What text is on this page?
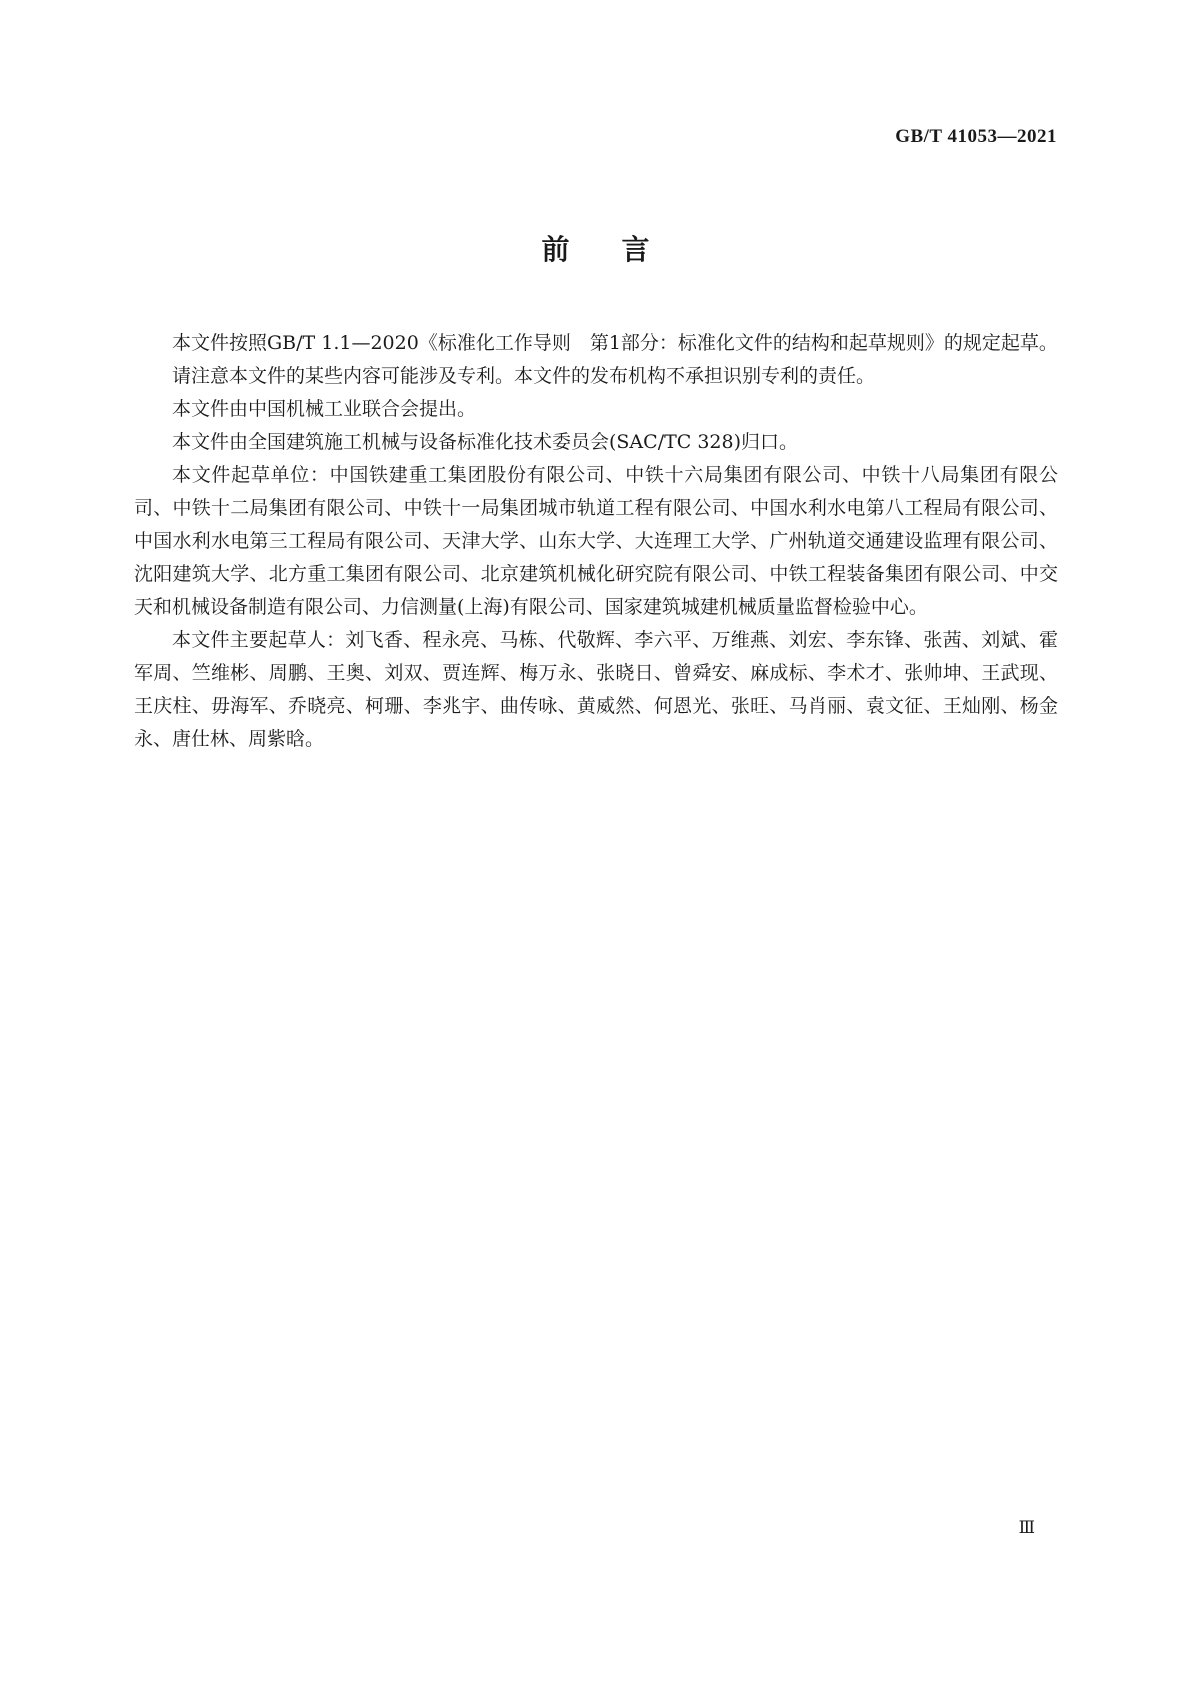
GB/T 41053—2021
前言

本文件按照GB/T 1.1—2020《标准化工作导则　第1部分：标准化文件的结构和起草规则》的规定起草。

请注意本文件的某些内容可能涉及专利。本文件的发布机构不承担识别专利的责任。

本文件由中国机械工业联合会提出。

本文件由全国建筑施工机械与设备标准化技术委员会(SAC/TC 328)归口。

本文件起草单位：中国铁建重工集团股份有限公司、中铁十六局集团有限公司、中铁十八局集团有限公司、中铁十二局集团有限公司、中铁十一局集团城市轨道工程有限公司、中国水利水电第八工程局有限公司、中国水利水电第三工程局有限公司、天津大学、山东大学、大连理工大学、广州轨道交通建设监理有限公司、沈阳建筑大学、北方重工集团有限公司、北京建筑机械化研究院有限公司、中铁工程装备集团有限公司、中交天和机械设备制造有限公司、力信测量(上海)有限公司、国家建筑城建机械质量监督检验中心。

本文件主要起草人：刘飞香、程永亮、马栋、代敬辉、李六平、万维燕、刘宏、李东锋、张茜、刘斌、霍军周、竺维彬、周鹏、王奥、刘双、贾连辉、梅万永、张晓日、曾舜安、麻成标、李术才、张帅坤、王武现、王庆柱、毋海军、乔晓亮、柯珊、李兆宇、曲传咏、黄威然、何恩光、张旺、马肖丽、袁文征、王灿刚、杨金永、唐仕林、周紫晗。

Ⅲ
